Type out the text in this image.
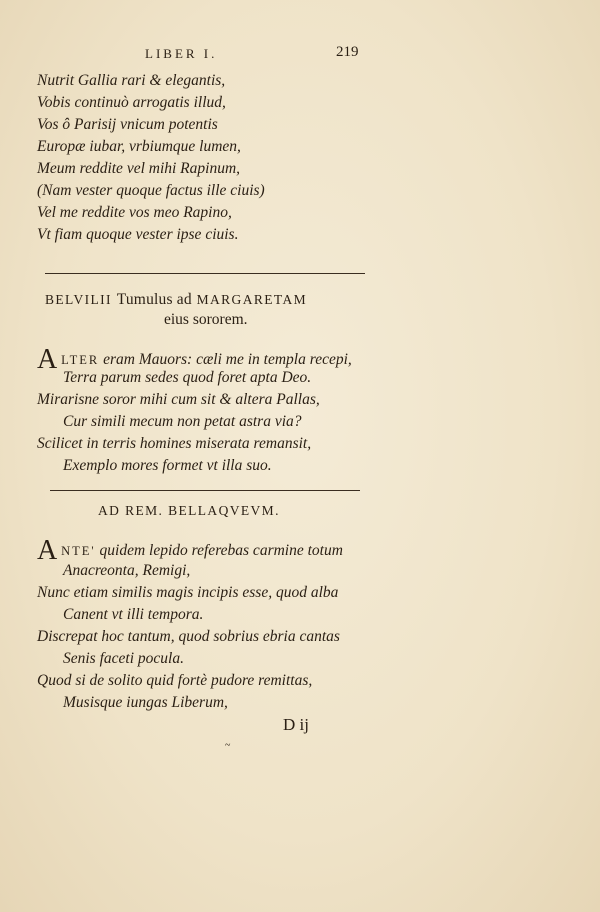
LIBER I.	219
Nutrit Gallia rari & elegantis,
Vobis continuò arrogatis illud,
Vos ô Parisij vnicum potentis
Europæ iubar, vrbiumque lumen,
Meum reddite vel mihi Rapinum,
(Nam vester quoque factus ille ciuis)
Vel me reddite vos meo Rapino,
Vt fiam quoque vester ipse ciuis.
BELVILII Tumulus ad MARGARETAM
eius sororem.
A LTER eram Mauors: cæli me in templa recepi,
Terra parum sedes quod foret apta Deo.
Mirarisne soror mihi cum sit & altera Pallas,
Cur simili mecum non petat astra via?
Scilicet in terris homines miserata remansit,
Exemplo mores formet vt illa suo.
AD REM. BELLAQVEVM.
A NTE' quidem lepido referebas carmine totum
Anacreonta, Remigi,
Nunc etiam similis magis incipis esse, quod alba
Canent vt illi tempora.
Discrepat hoc tantum, quod sobrius ebria cantas
Senis faceti pocula.
Quod si de solito quid fortè pudore remittas,
Musisque iungas Liberum,
D ij
~
